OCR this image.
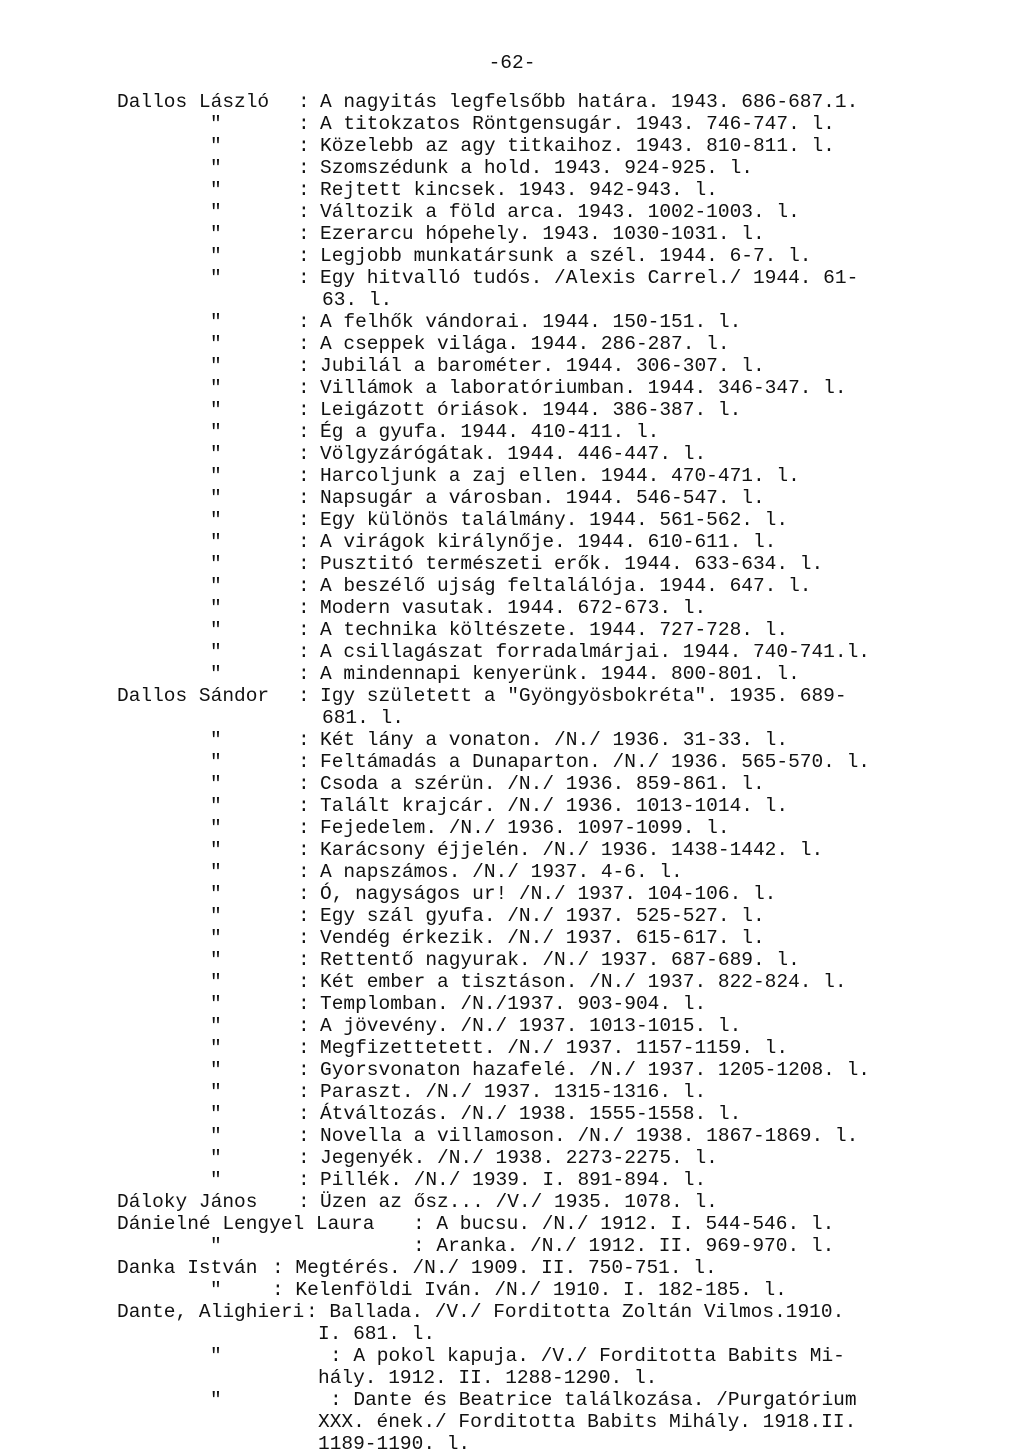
-62-
Dallos László : A nagyitás legfelsőbb határa. 1943. 686-687.1.
"	: A titokzatos Röntgensugár. 1943. 746-747. l.
"	: Közelebb az agy titkaihoz. 1943. 810-811. l.
"	: Szomszédunk a hold. 1943. 924-925. l.
"	: Rejtett kincsek. 1943. 942-943. l.
"	: Változik a föld arca. 1943. 1002-1003. l.
"	: Ezerarcu hópehely. 1943. 1030-1031. l.
"	: Legjobb munkatársunk a szél. 1944. 6-7. l.
"	: Egy hitvalló tudós. /Alexis Carrel./ 1944. 61-
63. l.
"	: A felhők vándorai. 1944. 150-151. l.
"	: A cseppek világa. 1944. 286-287. l.
"	: Jubilál a barométer. 1944. 306-307. l.
"	: Villámok a laboratóriumban. 1944. 346-347. l.
"	: Leigázott óriások. 1944. 386-387. l.
"	: Ég a gyufa. 1944. 410-411. l.
"	: Völgyzárógátak. 1944. 446-447. l.
"	: Harcoljunk a zaj ellen. 1944. 470-471. l.
"	: Napsugár a városban. 1944. 546-547. l.
"	: Egy különös találmány. 1944. 561-562. l.
"	: A virágok királynője. 1944. 610-611. l.
"	: Pusztitó természeti erők. 1944. 633-634. l.
"	: A beszélő ujság feltalálója. 1944. 647. l.
"	: Modern vasutak. 1944. 672-673. l.
"	: A technika költészete. 1944. 727-728. l.
"	: A csillagászat forradalmárjai. 1944. 740-741.l.
"	: A mindennapi kenyerünk. 1944. 800-801. l.
Dallos Sándor : Igy született a "Gyöngyösbokréta". 1935. 689-
681. l.
"	: Két lány a vonaton. /N./ 1936. 31-33. l.
"	: Feltámadás a Dunaparton. /N./ 1936. 565-570. l.
"	: Csoda a szérün. /N./ 1936. 859-861. l.
"	: Talált krajcár. /N./ 1936. 1013-1014. l.
"	: Fejedelem. /N./ 1936. 1097-1099. l.
"	: Karácsony éjjelén. /N./ 1936. 1438-1442. l.
"	: A napszámos. /N./ 1937. 4-6. l.
"	: Ó, nagyságos ur! /N./ 1937. 104-106. l.
"	: Egy szál gyufa. /N./ 1937. 525-527. l.
"	: Vendég érkezik. /N./ 1937. 615-617. l.
"	: Rettentő nagyurak. /N./ 1937. 687-689. l.
"	: Két ember a tisztáson. /N./ 1937. 822-824. l.
"	: Templomban. /N./1937. 903-904. l.
"	: A jövevény. /N./ 1937. 1013-1015. l.
"	: Megfizettetett. /N./ 1937. 1157-1159. l.
"	: Gyorsvonaton hazafelé. /N./ 1937. 1205-1208. l.
"	: Paraszt. /N./ 1937. 1315-1316. l.
"	: Átváltozás. /N./ 1938. 1555-1558. l.
"	: Novella a villamoson. /N./ 1938. 1867-1869. l.
"	: Jegenyék. /N./ 1938. 2273-2275. l.
"	: Pillék. /N./ 1939. I. 891-894. l.
Dáloky János : Üzen az ősz... /V./ 1935. 1078. l.
Dánielné Lengyel Laura : A bucsu. /N./ 1912. I. 544-546. l.
"	: Aranka. /N./ 1912. II. 969-970. l.
Danka István : Megtérés. /N./ 1909. II. 750-751. l.
"	: Kelenföldi Iván. /N./ 1910. I. 182-185. l.
Dante, Alighieri : Ballada. /V./ Forditotta Zoltán Vilmos.1910.
I. 681. l.
"	: A pokol kapuja. /V./ Forditotta Babits Mi-
hály. 1912. II. 1288-1290. l.
"	: Dante és Beatrice találkozása. /Purgatórium
XXX. ének./ Forditotta Babits Mihály. 1918.II.
1189-1190. l.
